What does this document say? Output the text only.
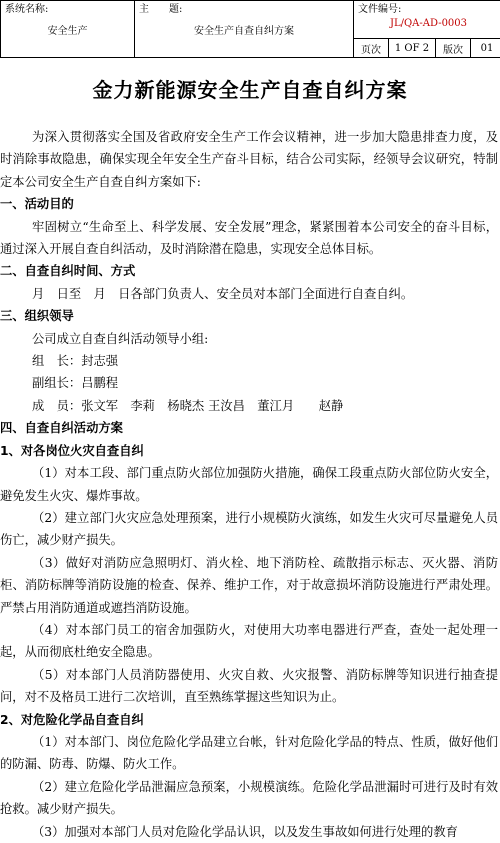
系统名称:
安全生产

主　　题:
安全生产自查自纠方案

文件编号:
JL/QA-AD-0003
页次	1 OF 2	版次	01
金力新能源安全生产自查自纠方案

为深入贯彻落实全国及省政府安全生产工作会议精神，进一步加大隐患排查力度，及时消除事故隐患，确保实现全年安全生产奋斗目标，结合公司实际，经领导会议研究，特制定本公司安全生产自查自纠方案如下:

一、活动目的

牢固树立“生命至上、科学发展、安全发展”理念，紧紧围着本公司安全的奋斗目标，通过深入开展自查自纠活动，及时消除潜在隐患，实现安全总体目标。

二、自查自纠时间、方式

月　日至　月　日各部门负责人、安全员对本部门全面进行自查自纠。

三、组织领导

公司成立自查自纠活动领导小组:

组　长：封志强

副组长：吕鹏程

成　员：张文军　李莉　杨晓杰 王汝昌　董江月　　赵静

四、自查自纠活动方案

1、对各岗位火灾自查自纠

（1）对本工段、部门重点防火部位加强防火措施，确保工段重点防火部位防火安全，避免发生火灾、爆炸事故。

（2）建立部门火灾应急处理预案，进行小规模防火演练，如发生火灾可尽量避免人员伤亡，减少财产损失。

（3）做好对消防应急照明灯、消火栓、地下消防栓、疏散指示标志、灭火器、消防柜、消防标牌等消防设施的检查、保养、维护工作，对于故意损坏消防设施进行严肃处理。严禁占用消防通道或遮挡消防设施。

（4）对本部门员工的宿舍加强防火，对使用大功率电器进行严查，查处一起处理一起，从而彻底杜绝安全隐患。

（5）对本部门人员消防器使用、火灾自救、火灾报警、消防标牌等知识进行抽查提问，对不及格员工进行二次培训，直至熟练掌握这些知识为止。

2、对危险化学品自查自纠

（1）对本部门、岗位危险化学品建立台帐，针对危险化学品的特点、性质，做好他们的防漏、防毒、防爆、防火工作。

（2）建立危险化学品泄漏应急预案，小规模演练。危险化学品泄漏时可进行及时有效抢救。减少财产损失。

（3）加强对本部门人员对危险化学品认识，以及发生事故如何进行处理的教育
